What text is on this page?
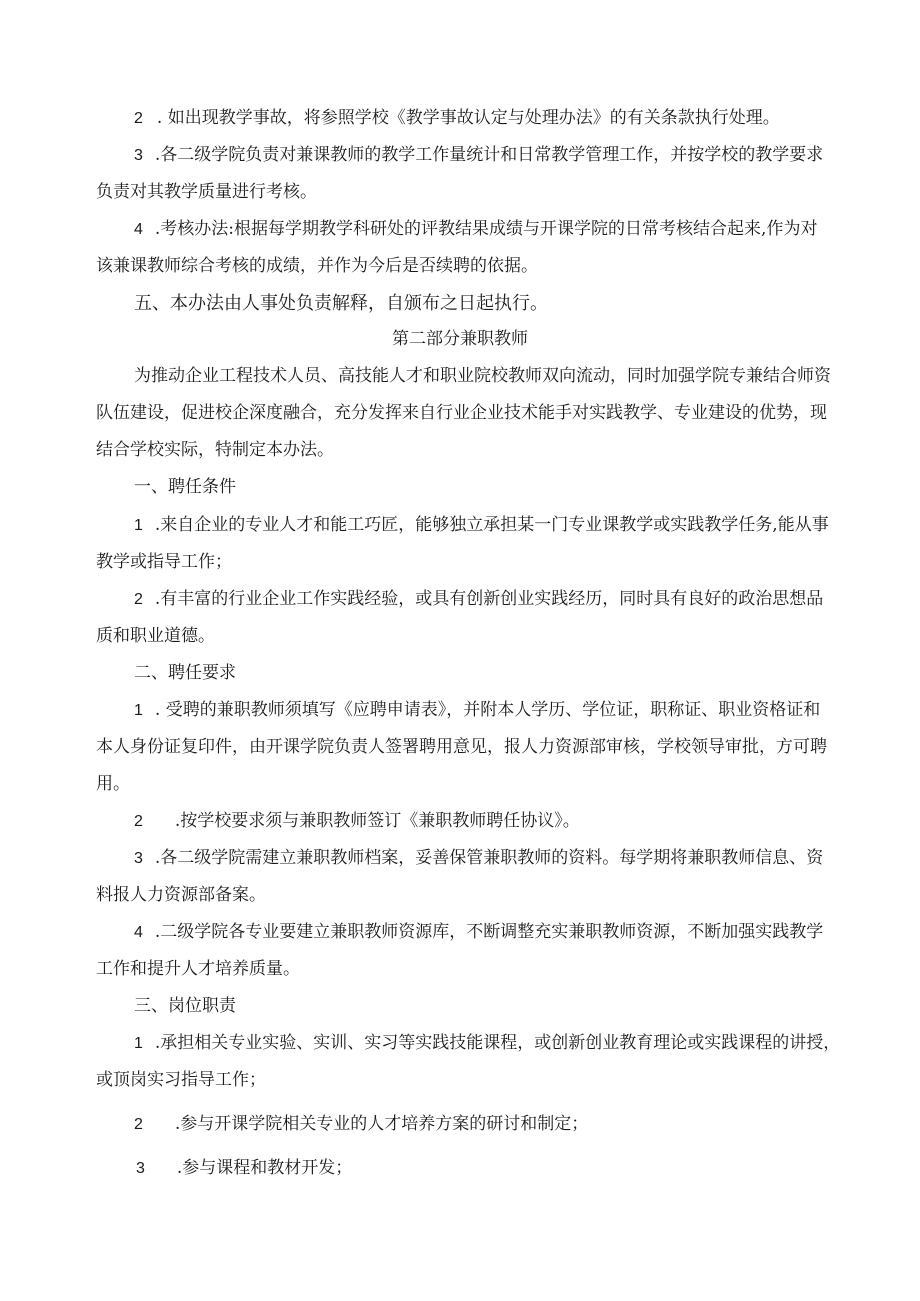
2 . 如出现教学事故，将参照学校《教学事故认定与处理办法》的有关条款执行处理。
3 .各二级学院负责对兼课教师的教学工作量统计和日常教学管理工作，并按学校的教学要求
负责对其教学质量进行考核。
4 .考核办法:根据每学期教学科研处的评教结果成绩与开课学院的日常考核结合起来,作为对
该兼课教师综合考核的成绩，并作为今后是否续聘的依据。
五、本办法由人事处负责解释，自颁布之日起执行。
第二部分兼职教师
为推动企业工程技术人员、高技能人才和职业院校教师双向流动，同时加强学院专兼结合师资
队伍建设，促进校企深度融合，充分发挥来自行业企业技术能手对实践教学、专业建设的优势，现
结合学校实际，特制定本办法。
一、聘任条件
1 .来自企业的专业人才和能工巧匠，能够独立承担某一门专业课教学或实践教学任务,能从事
教学或指导工作；
2 .有丰富的行业企业工作实践经验，或具有创新创业实践经历，同时具有良好的政治思想品
质和职业道德。
二、聘任要求
1 . 受聘的兼职教师须填写《应聘申请表》，并附本人学历、学位证，职称证、职业资格证和
本人身份证复印件，由开课学院负责人签署聘用意见，报人力资源部审核，学校领导审批，方可聘
用。
2 .按学校要求须与兼职教师签订《兼职教师聘任协议》。
3 .各二级学院需建立兼职教师档案，妥善保管兼职教师的资料。每学期将兼职教师信息、资
料报人力资源部备案。
4 .二级学院各专业要建立兼职教师资源库，不断调整充实兼职教师资源，不断加强实践教学
工作和提升人才培养质量。
三、岗位职责
1 .承担相关专业实验、实训、实习等实践技能课程，或创新创业教育理论或实践课程的讲授，
或顶岗实习指导工作；
2 .参与开课学院相关专业的人才培养方案的研讨和制定；
3 .参与课程和教材开发；
